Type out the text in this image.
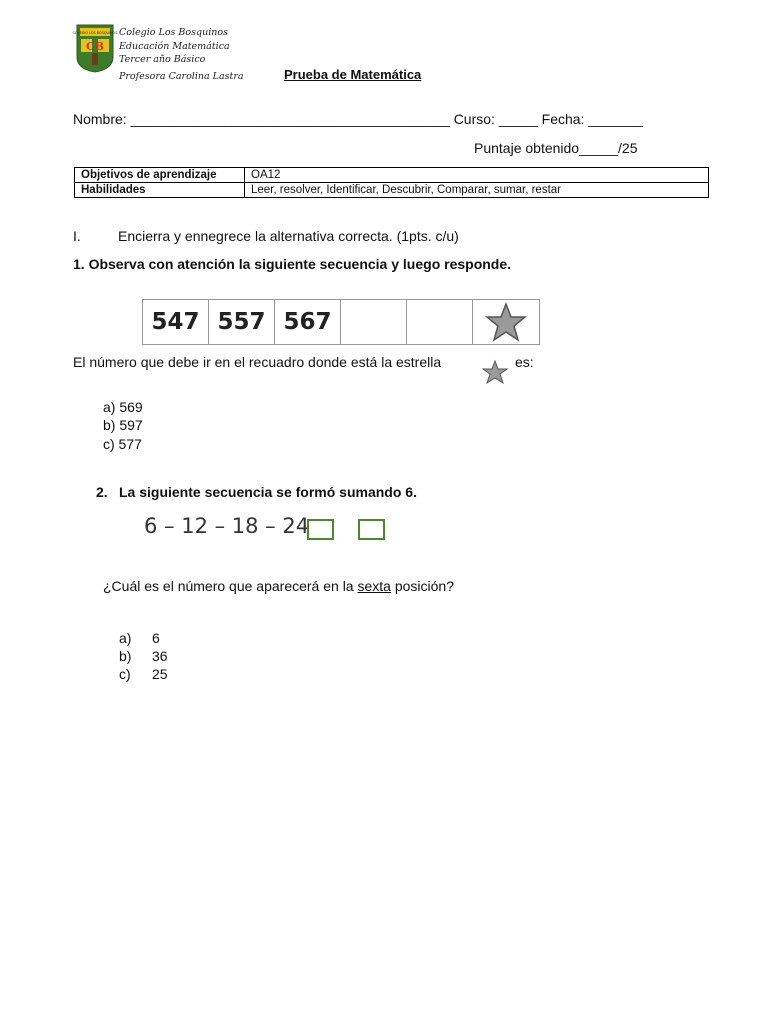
COLEGIO LOS BOSQUINOS
CB
Colegio Los Bosquinos
Educación Matemática
Tercer año Básico
Profesora Carolina Lastra	Prueba de Matemática
Nombre: _________________________________________ Curso: _____ Fecha: _______
Puntaje obtenido_____/25
Objetivos de aprendizaje	OA12
Habilidades	Leer, resolver, Identificar, Descubrir, Comparar, sumar, restar
I.	Encierra y ennegrece la alternativa correcta. (1pts. c/u)
1. Observa con atención la siguiente secuencia y luego responde.
547 557 567
El número que debe ir en el recuadro donde está la estrella	es:
a) 569
b) 597
c) 577
2. La siguiente secuencia se formó sumando 6.
6 – 12 – 18 – 24
¿Cuál es el número que aparecerá en la sexta posición?
a) 6
b) 36
c) 25
